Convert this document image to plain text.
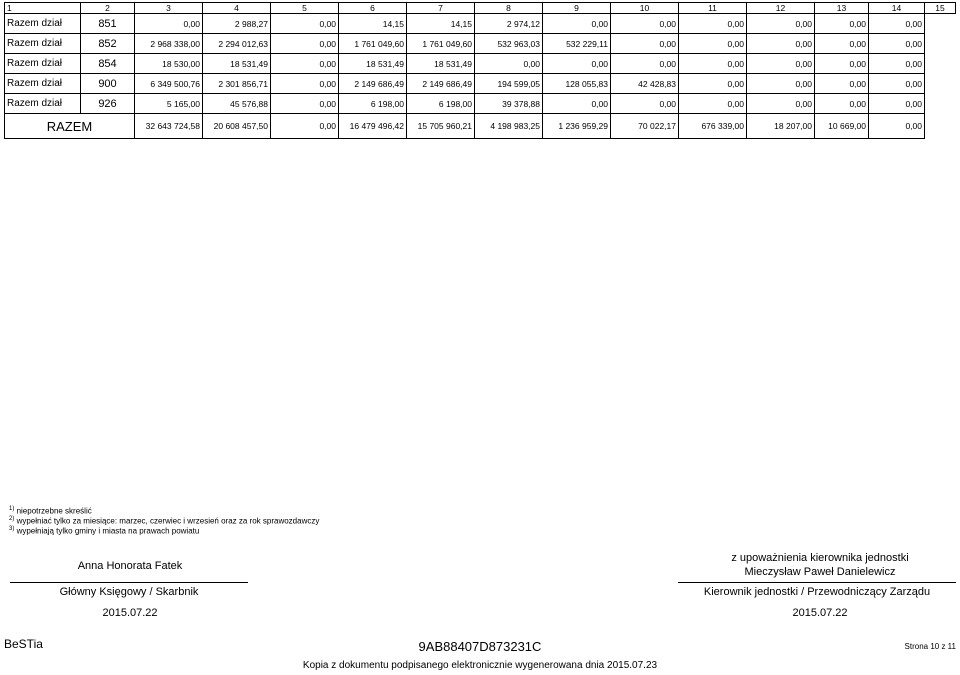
1	2	3	4	5	6	7	8	9	10	11	12	13	14	15
Razem dział	851	0,00	2 988,27	0,00	14,15	14,15	2 974,12	0,00	0,00	0,00	0,00	0,00	0,00	
Razem dział	852	2 968 338,00	2 294 012,63	0,00	1 761 049,60	1 761 049,60	532 963,03	532 229,11	0,00	0,00	0,00	0,00	0,00	
Razem dział	854	18 530,00	18 531,49	0,00	18 531,49	18 531,49	0,00	0,00	0,00	0,00	0,00	0,00	0,00	
Razem dział	900	6 349 500,76	2 301 856,71	0,00	2 149 686,49	2 149 686,49	194 599,05	128 055,83	42 428,83	0,00	0,00	0,00	0,00	
Razem dział	926	5 165,00	45 576,88	0,00	6 198,00	6 198,00	39 378,88	0,00	0,00	0,00	0,00	0,00	0,00	
RAZEM		32 643 724,58	20 608 457,50	0,00	16 479 496,42	15 705 960,21	4 198 983,25	1 236 959,29	70 022,17	676 339,00	18 207,00	10 669,00	0,00	
$^{1)}$ niepotrzebne skreślić
$^{2)}$ wypełniać tylko za miesiące: marzec, czerwiec i wrzesień oraz za rok sprawozdawczy
$^{3)}$ wypełniają tylko gminy i miasta na prawach powiatu
Anna Honorata Fatek
Główny Księgowy / Skarbnik
2015.07.22
z upoważnienia kierownika jednostki
Mieczysław Paweł Danielewicz
Kierownik jednostki / Przewodniczący Zarządu
2015.07.22
BeSTia	9AB88407D873231C	Strona 10 z 11
Kopia z dokumentu podpisanego elektronicznie wygenerowana dnia 2015.07.23
